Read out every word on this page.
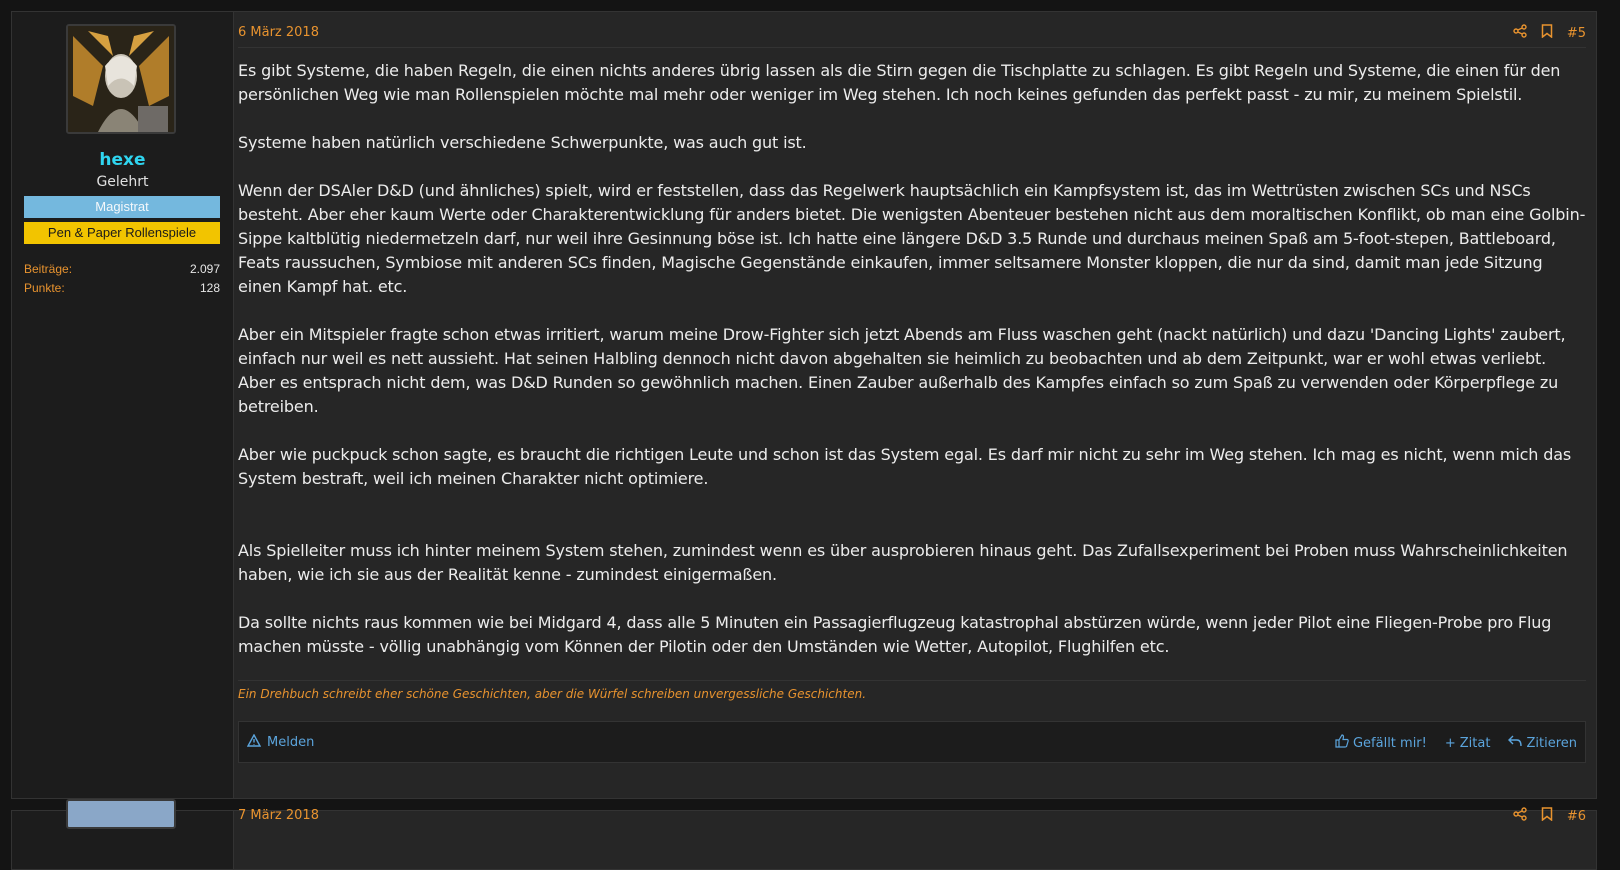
hexe
Gelehrt
Magistrat
Pen & Paper Rollenspiele
Beiträge:	2.097
Punkte:	128
6 März 2018	#5

Es gibt Systeme, die haben Regeln, die einen nichts anderes übrig lassen als die Stirn gegen die Tischplatte zu schlagen. Es gibt Regeln und Systeme, die einen für den persönlichen Weg wie man Rollenspielen möchte mal mehr oder weniger im Weg stehen. Ich noch keines gefunden das perfekt passt - zu mir, zu meinem Spielstil.

Systeme haben natürlich verschiedene Schwerpunkte, was auch gut ist.

Wenn der DSAler D&D (und ähnliches) spielt, wird er feststellen, dass das Regelwerk hauptsächlich ein Kampfsystem ist, das im Wettrüsten zwischen SCs und NSCs besteht. Aber eher kaum Werte oder Charakterentwicklung für anders bietet. Die wenigsten Abenteuer bestehen nicht aus dem moraltischen Konflikt, ob man eine Golbin-Sippe kaltblütig niedermetzeln darf, nur weil ihre Gesinnung böse ist. Ich hatte eine längere D&D 3.5 Runde und durchaus meinen Spaß am 5-foot-stepen, Battleboard, Feats raussuchen, Symbiose mit anderen SCs finden, Magische Gegenstände einkaufen, immer seltsamere Monster kloppen, die nur da sind, damit man jede Sitzung einen Kampf hat. etc.

Aber ein Mitspieler fragte schon etwas irritiert, warum meine Drow-Fighter sich jetzt Abends am Fluss waschen geht (nackt natürlich) und dazu 'Dancing Lights' zaubert, einfach nur weil es nett aussieht. Hat seinen Halbling dennoch nicht davon abgehalten sie heimlich zu beobachten und ab dem Zeitpunkt, war er wohl etwas verliebt. Aber es entsprach nicht dem, was D&D Runden so gewöhnlich machen. Einen Zauber außerhalb des Kampfes einfach so zum Spaß zu verwenden oder Körperpflege zu betreiben.

Aber wie puckpuck schon sagte, es braucht die richtigen Leute und schon ist das System egal. Es darf mir nicht zu sehr im Weg stehen. Ich mag es nicht, wenn mich das System bestraft, weil ich meinen Charakter nicht optimiere.

Als Spielleiter muss ich hinter meinem System stehen, zumindest wenn es über ausprobieren hinaus geht. Das Zufallsexperiment bei Proben muss Wahrscheinlichkeiten haben, wie ich sie aus der Realität kenne - zumindest einigermaßen.

Da sollte nichts raus kommen wie bei Midgard 4, dass alle 5 Minuten ein Passagierflugzeug katastrophal abstürzen würde, wenn jeder Pilot eine Fliegen-Probe pro Flug machen müsste - völlig unabhängig vom Können der Pilotin oder den Umständen wie Wetter, Autopilot, Flughilfen etc.

Ein Drehbuch schreibt eher schöne Geschichten, aber die Würfel schreiben unvergessliche Geschichten.
Melden	Gefällt mir! + Zitat	Zitieren
7 März 2018	#6
